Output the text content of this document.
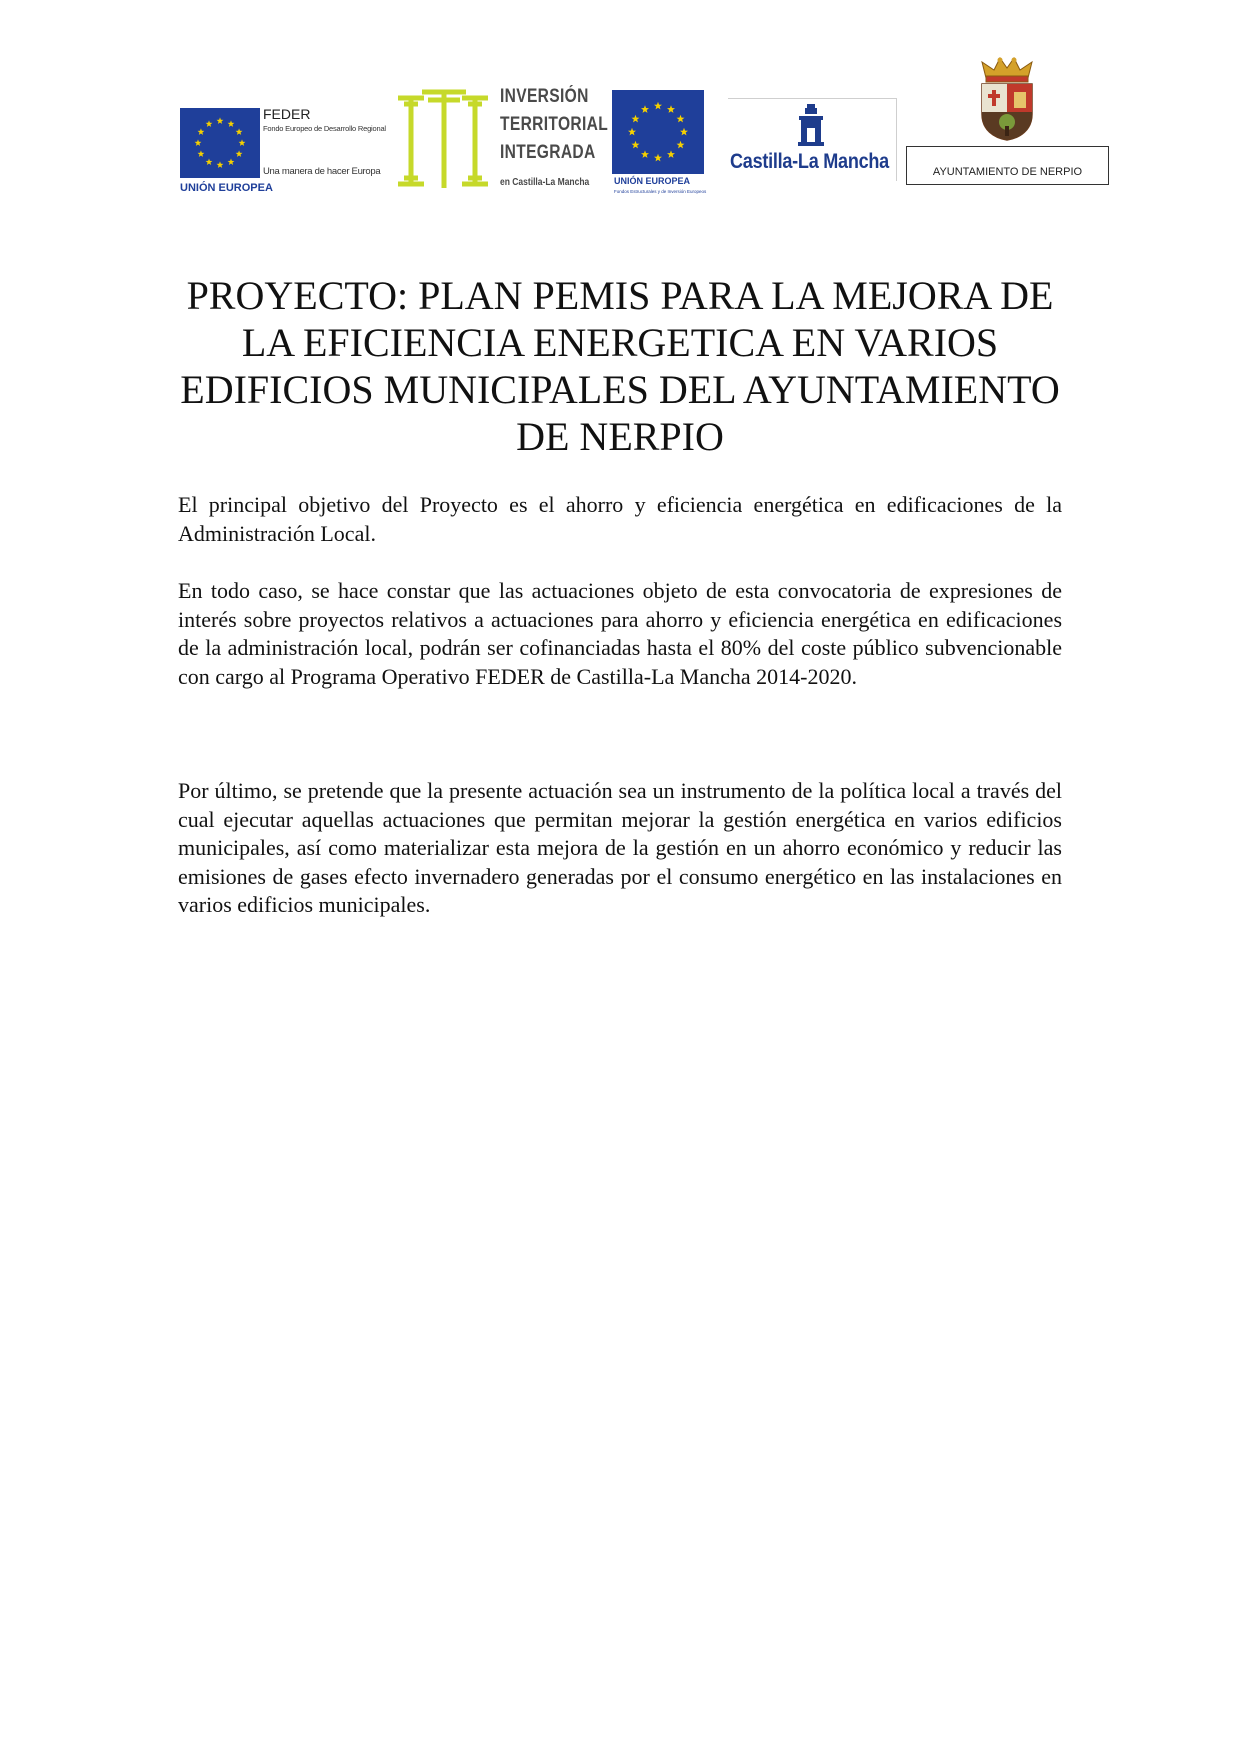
UNIÓN EUROPEA
FEDER
Fondo Europeo de Desarrollo Regional
Una manera de hacer Europa
INVERSIÓN
TERRITORIAL
INTEGRADA
en Castilla-La Mancha	UNIÓN EUROPEA
Fondos Estructurales y de Inversión Europeos
Castilla-La Mancha	AYUNTAMIENTO DE NERPIO
PROYECTO: PLAN PEMIS PARA LA MEJORA DE LA EFICIENCIA ENERGETICA EN VARIOS EDIFICIOS MUNICIPALES DEL AYUNTAMIENTO DE NERPIO

El principal objetivo del Proyecto es el ahorro y eficiencia energética en edificaciones de la Administración Local.

En todo caso, se hace constar que las actuaciones objeto de esta convocatoria de expresiones de interés sobre proyectos relativos a actuaciones para ahorro y eficiencia energética en edificaciones de la administración local, podrán ser cofinanciadas hasta el 80% del coste público subvencionable con cargo al Programa Operativo FEDER de Castilla-La Mancha 2014-2020.

Por último, se pretende que la presente actuación sea un instrumento de la política local a través del cual ejecutar aquellas actuaciones que permitan mejorar la gestión energética en varios edificios municipales, así como materializar esta mejora de la gestión en un ahorro económico y reducir las emisiones de gases efecto invernadero generadas por el consumo energético en las instalaciones en varios edificios municipales.
